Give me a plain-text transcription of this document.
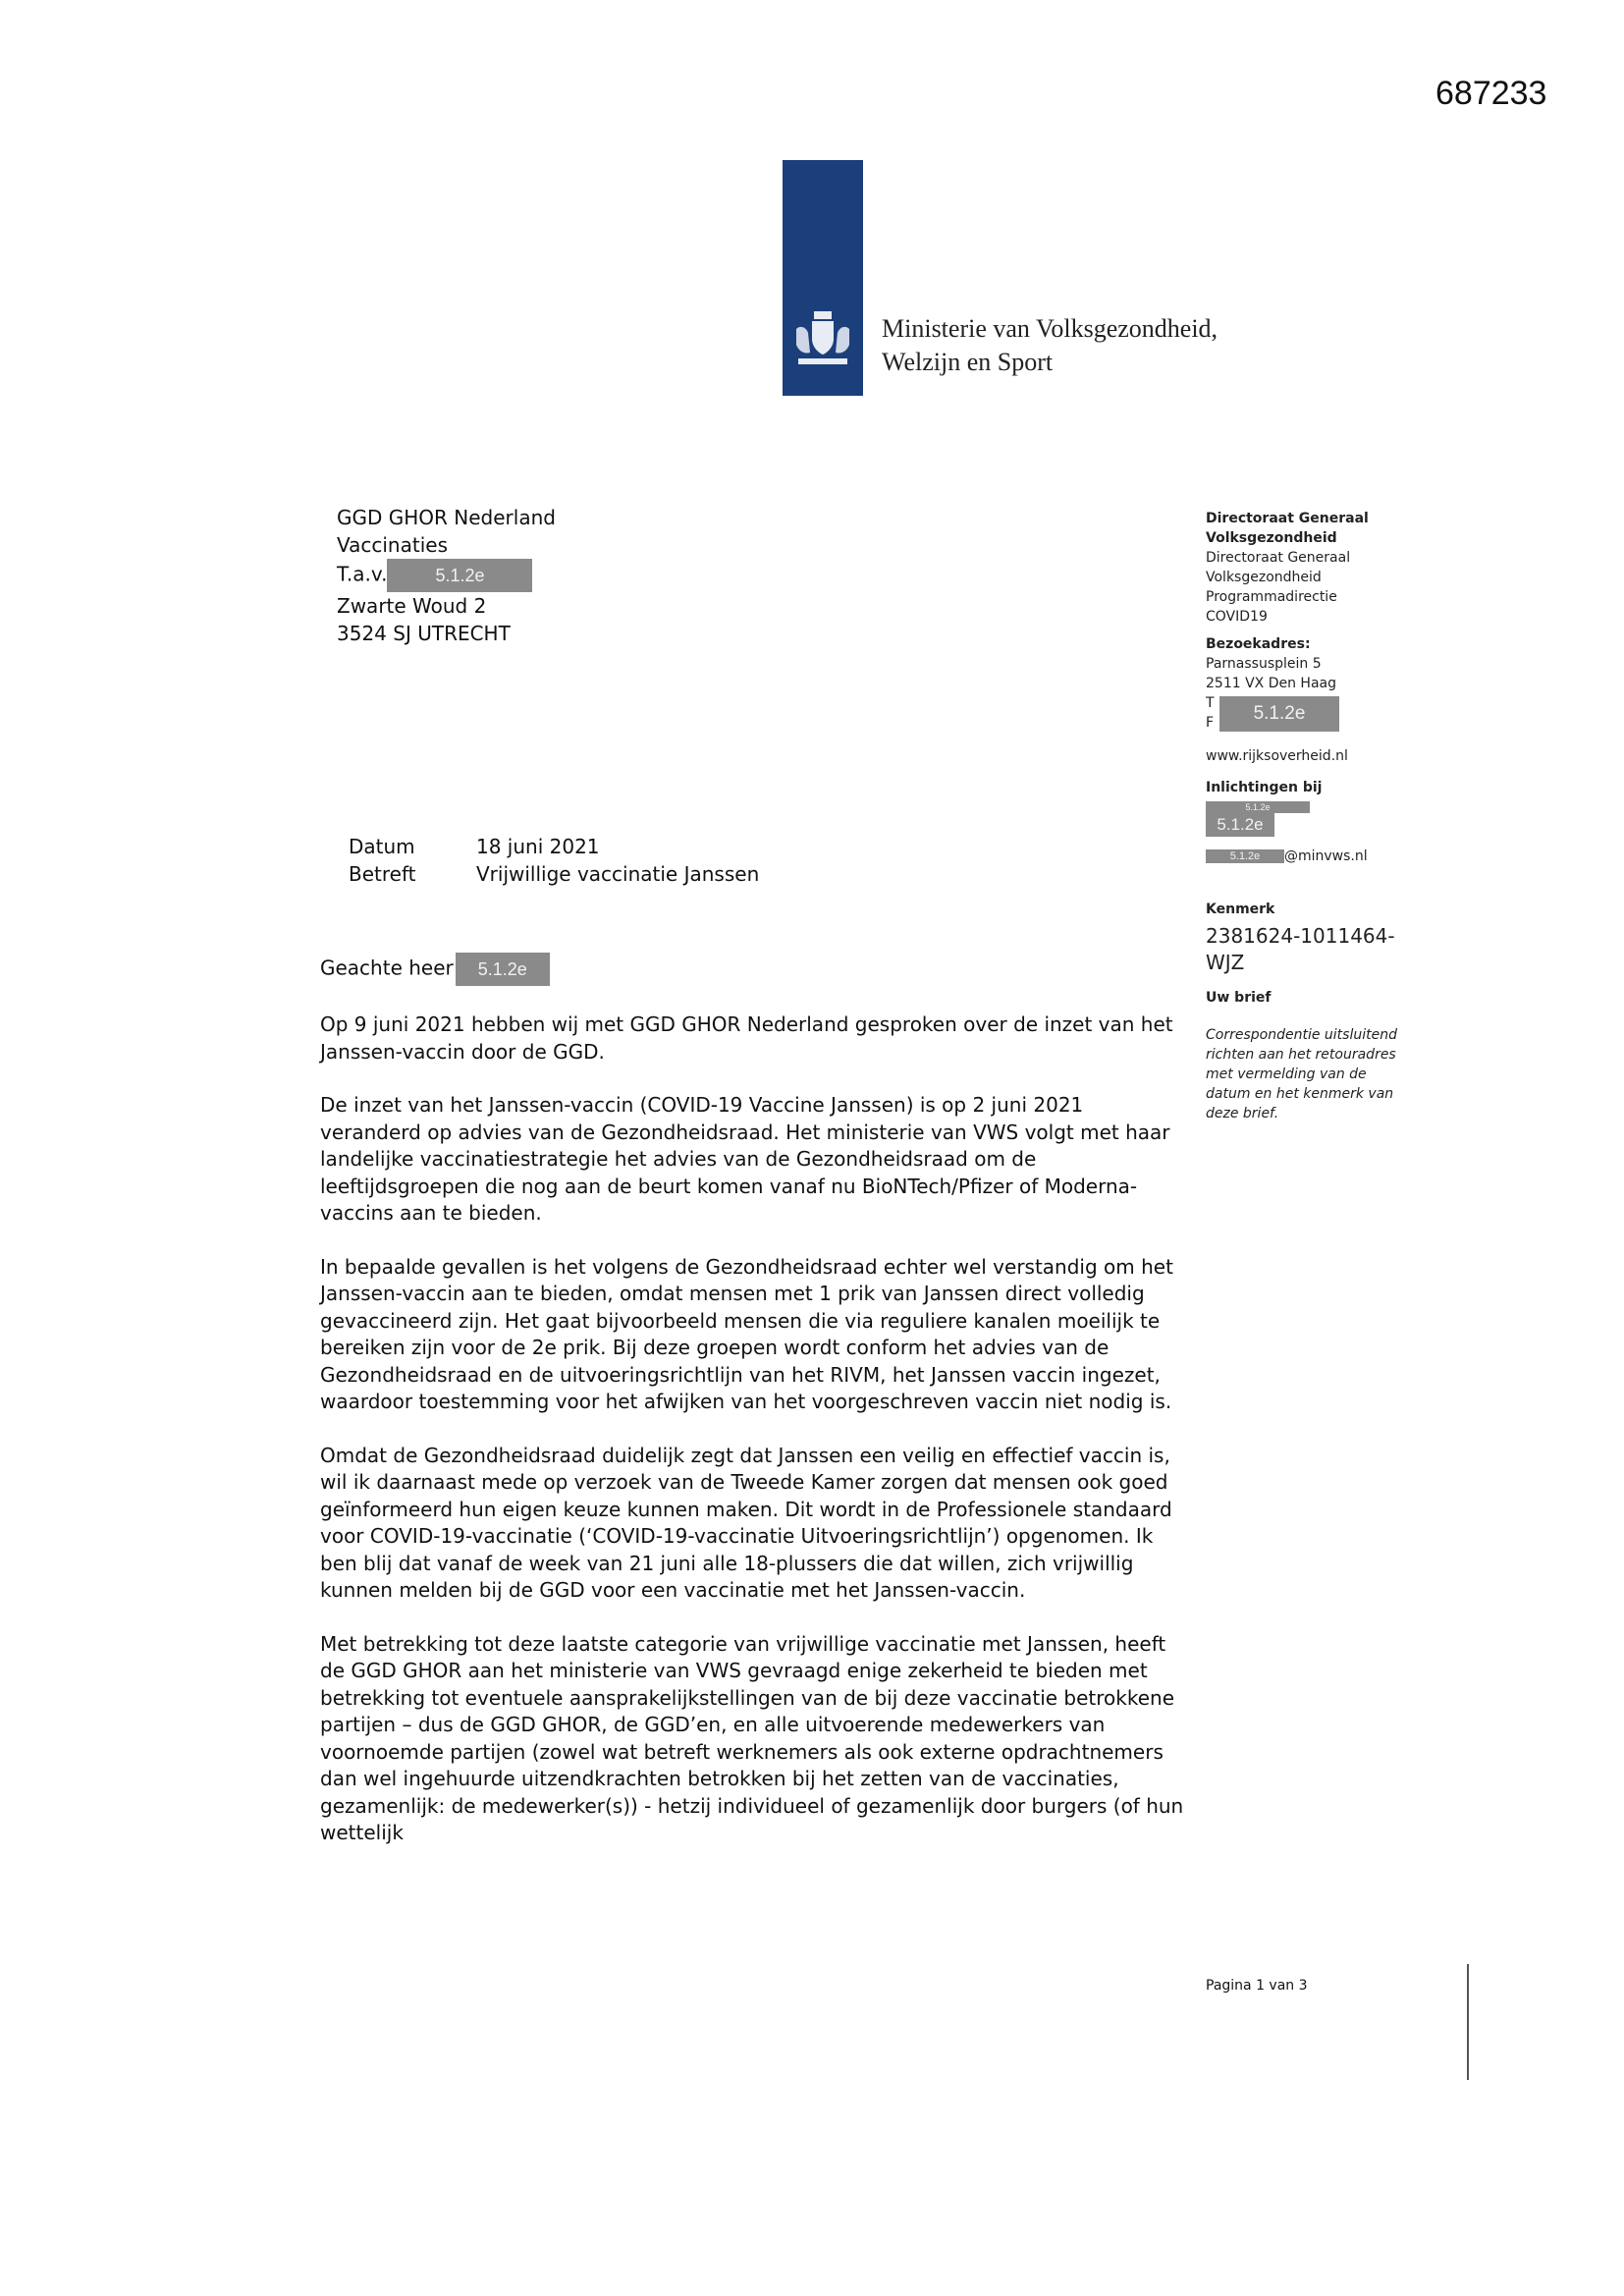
687233
Ministerie van Volksgezondheid,
Welzijn en Sport
GGD GHOR Nederland
Vaccinaties
T.a.v.	5.1.2e
Zwarte Woud 2
3524 SJ UTRECHT
Directoraat Generaal
Volksgezondheid
Directoraat Generaal
Volksgezondheid
Programmadirectie
COVID19
Bezoekadres:
Parnassusplein 5
2511 VX Den Haag
T
F	5.1.2e
www.rijksoverheid.nl
Inlichtingen bij
5.1.2e
5.1.2e
5.1.2e @minvws.nl
Kenmerk
2381624-1011464-
WJZ
Uw brief
Correspondentie uitsluitend richten aan het retouradres met vermelding van de datum en het kenmerk van deze brief.
Datum	18 juni 2021
Betreft	Vrijwillige vaccinatie Janssen
Geachte heer 5.1.2e

Op 9 juni 2021 hebben wij met GGD GHOR Nederland gesproken over de inzet van het Janssen-vaccin door de GGD.

De inzet van het Janssen-vaccin (COVID-19 Vaccine Janssen) is op 2 juni 2021 veranderd op advies van de Gezondheidsraad. Het ministerie van VWS volgt met haar landelijke vaccinatiestrategie het advies van de Gezondheidsraad om de leeftijdsgroepen die nog aan de beurt komen vanaf nu BioNTech/Pfizer of Moderna-vaccins aan te bieden.

In bepaalde gevallen is het volgens de Gezondheidsraad echter wel verstandig om het Janssen-vaccin aan te bieden, omdat mensen met 1 prik van Janssen direct volledig gevaccineerd zijn. Het gaat bijvoorbeeld mensen die via reguliere kanalen moeilijk te bereiken zijn voor de 2e prik. Bij deze groepen wordt conform het advies van de Gezondheidsraad en de uitvoeringsrichtlijn van het RIVM, het Janssen vaccin ingezet, waardoor toestemming voor het afwijken van het voorgeschreven vaccin niet nodig is.

Omdat de Gezondheidsraad duidelijk zegt dat Janssen een veilig en effectief vaccin is, wil ik daarnaast mede op verzoek van de Tweede Kamer zorgen dat mensen ook goed geïnformeerd hun eigen keuze kunnen maken. Dit wordt in de Professionele standaard voor COVID-19-vaccinatie (‘COVID-19-vaccinatie Uitvoeringsrichtlijn’) opgenomen. Ik ben blij dat vanaf de week van 21 juni alle 18-plussers die dat willen, zich vrijwillig kunnen melden bij de GGD voor een vaccinatie met het Janssen-vaccin.

Met betrekking tot deze laatste categorie van vrijwillige vaccinatie met Janssen, heeft de GGD GHOR aan het ministerie van VWS gevraagd enige zekerheid te bieden met betrekking tot eventuele aansprakelijkstellingen van de bij deze vaccinatie betrokkene partijen – dus de GGD GHOR, de GGD’en, en alle uitvoerende medewerkers van voornoemde partijen (zowel wat betreft werknemers als ook externe opdrachtnemers dan wel ingehuurde uitzendkrachten betrokken bij het zetten van de vaccinaties, gezamenlijk: de medewerker(s)) - hetzij individueel of gezamenlijk door burgers (of hun wettelijk

Pagina 1 van 3
